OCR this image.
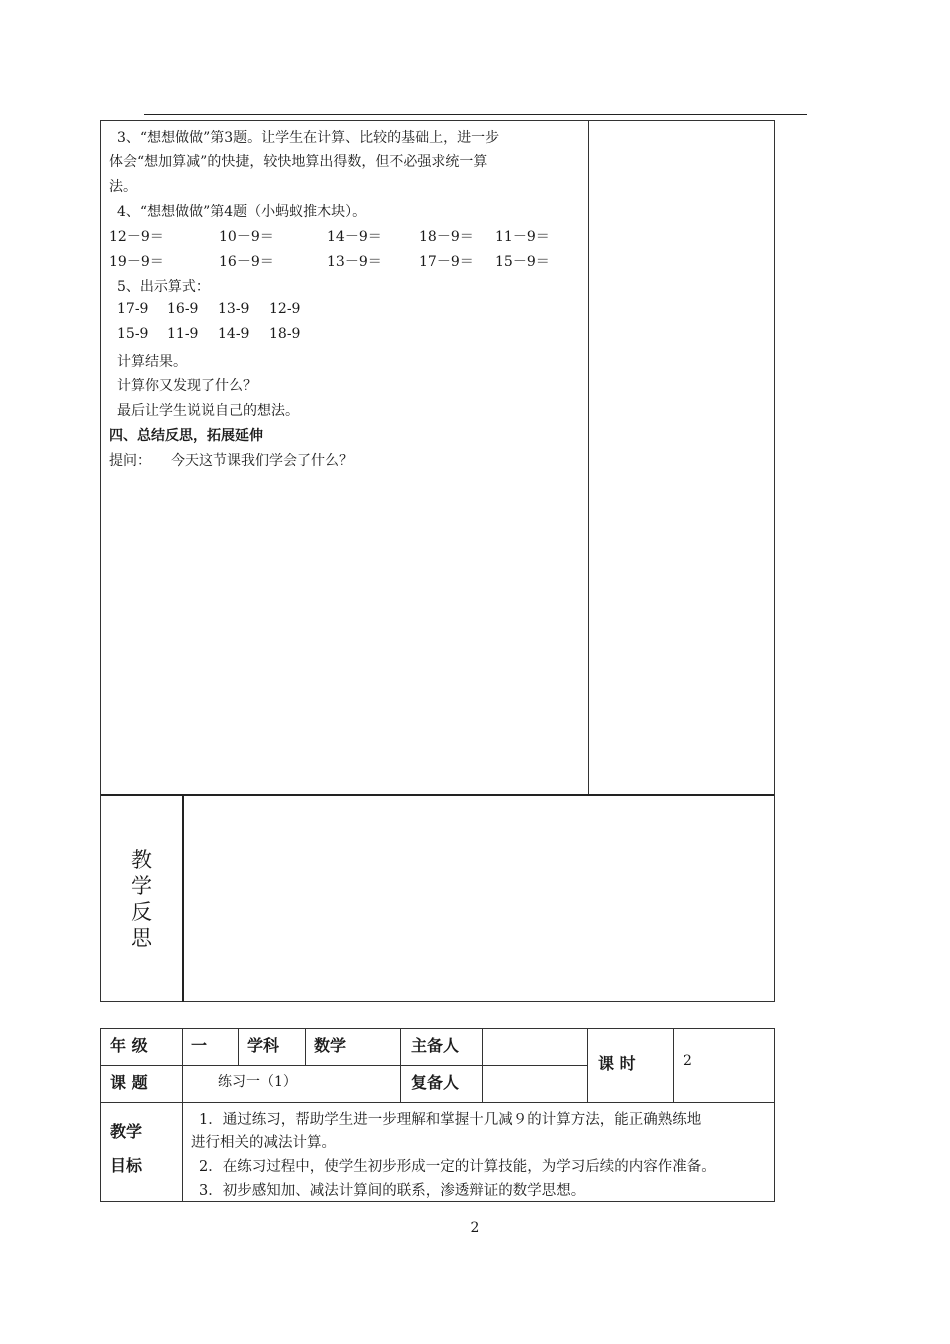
3、“想想做做”第3题。让学生在计算、比较的基础上，进一步
体会“想加算减”的快捷，较快地算出得数，但不必强求统一算
法。
4、“想想做做”第4题（小蚂蚁推木块）。
12－9＝	10－9＝	14－9＝	18－9＝ 11－9＝
19－9＝	16－9＝	13－9＝	17－9＝ 15－9＝
5、出示算式：
17-9 16-9 13-9 12-9
15-9 11-9 14-9 18-9
计算结果。
计算你又发现了什么？
最后让学生说说自己的想法。
四、总结反思，拓展延伸
提问： 今天这节课我们学会了什么？
教学反思
年 级	一 学科 数学	主备人
课 时	2
课 题	练习一（1）	复备人
教学
目标
1．通过练习，帮助学生进一步理解和掌握十几减９的计算方法，能正确熟练地
进行相关的减法计算。
2．在练习过程中，使学生初步形成一定的计算技能，为学习后续的内容作准备。
3．初步感知加、减法计算间的联系，渗透辩证的数学思想。
2
